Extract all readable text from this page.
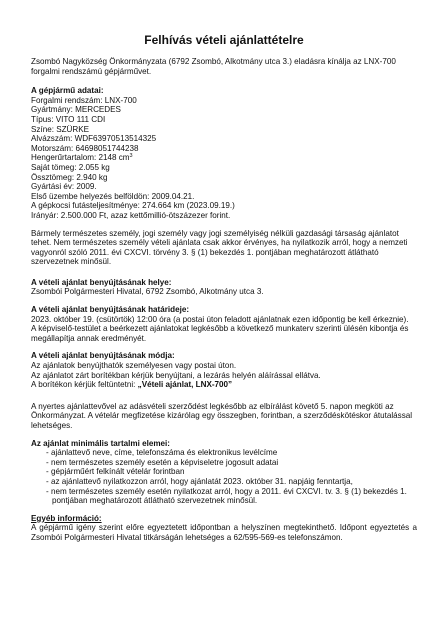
Felhívás vételi ajánlattételre

Zsombó Nagyközség Önkormányzata (6792 Zsombó, Alkotmány utca 3.) eladásra kínálja az LNX-700 forgalmi rendszámú gépjárművet.

A gépjármű adatai:
Forgalmi rendszám: LNX-700
Gyártmány: MERCEDES
Típus: VITO 111 CDI
Színe: SZÜRKE
Alvázszám: WDF63970513514325
Motorszám: 64698051744238
Hengerűrtartalom: 2148 $cm^3$
Saját tömeg: 2.055 kg
Össztömeg: 2.940 kg
Gyártási év: 2009.
Első üzembe helyezés belföldön: 2009.04.21.
A gépkocsi futásteljesítménye: 274.664 km (2023.09.19.)
Irányár: 2.500.000 Ft, azaz kettőmillió-ötszázezer forint.

Bármely természetes személy, jogi személy vagy jogi személyiség nélküli gazdasági társaság ajánlatot tehet. Nem természetes személy vételi ajánlata csak akkor érvényes, ha nyilatkozik arról, hogy a nemzeti vagyonról szóló 2011. évi CXCVI. törvény 3. § (1) bekezdés 1. pontjában meghatározott átlátható szervezetnek minősül.

A vételi ajánlat benyújtásának helye:
Zsombói Polgármesteri Hivatal, 6792 Zsombó, Alkotmány utca 3.
A vételi ajánlat benyújtásának határideje:

2023. október 19. (csütörtök) 12:00 óra (a postai úton feladott ajánlatnak ezen időpontig be kell érkeznie).

A képviselő-testület a beérkezett ajánlatokat legkésőbb a következő munkaterv szerinti ülésén kibontja és megállapítja annak eredményét.

A vételi ajánlat benyújtásának módja:
Az ajánlatok benyújthatók személyesen vagy postai úton.
Az ajánlatot zárt borítékban kérjük benyújtani, a lezárás helyén aláírással ellátva.
A borítékon kérjük feltüntetni: „Vételi ajánlat, LNX-700”

A nyertes ajánlattevővel az adásvételi szerződést legkésőbb az elbírálást követő 5. napon megköti az Önkormányzat. A vételár megfizetése kizárólag egy összegben, forintban, a szerződéskötéskor átutalással lehetséges.

Az ajánlat minimális tartalmi elemei:
- ajánlattevő neve, címe, telefonszáma és elektronikus levélcíme
- nem természetes személy esetén a képviseletre jogosult adatai
- gépjárműért felkínált vételár forintban
- az ajánlattevő nyilatkozzon arról, hogy ajánlatát 2023. október 31. napjáig fenntartja,
- nem természetes személy esetén nyilatkozat arról, hogy a 2011. évi CXCVI. tv. 3. § (1) bekezdés 1. pontjában meghatározott átlátható szervezetnek minősül.
Egyéb információ:

A gépjármű igény szerint előre egyeztetett időpontban a helyszínen megtekinthető. Időpont egyeztetés a Zsombói Polgármesteri Hivatal titkárságán lehetséges a 62/595-569-es telefonszámon.
